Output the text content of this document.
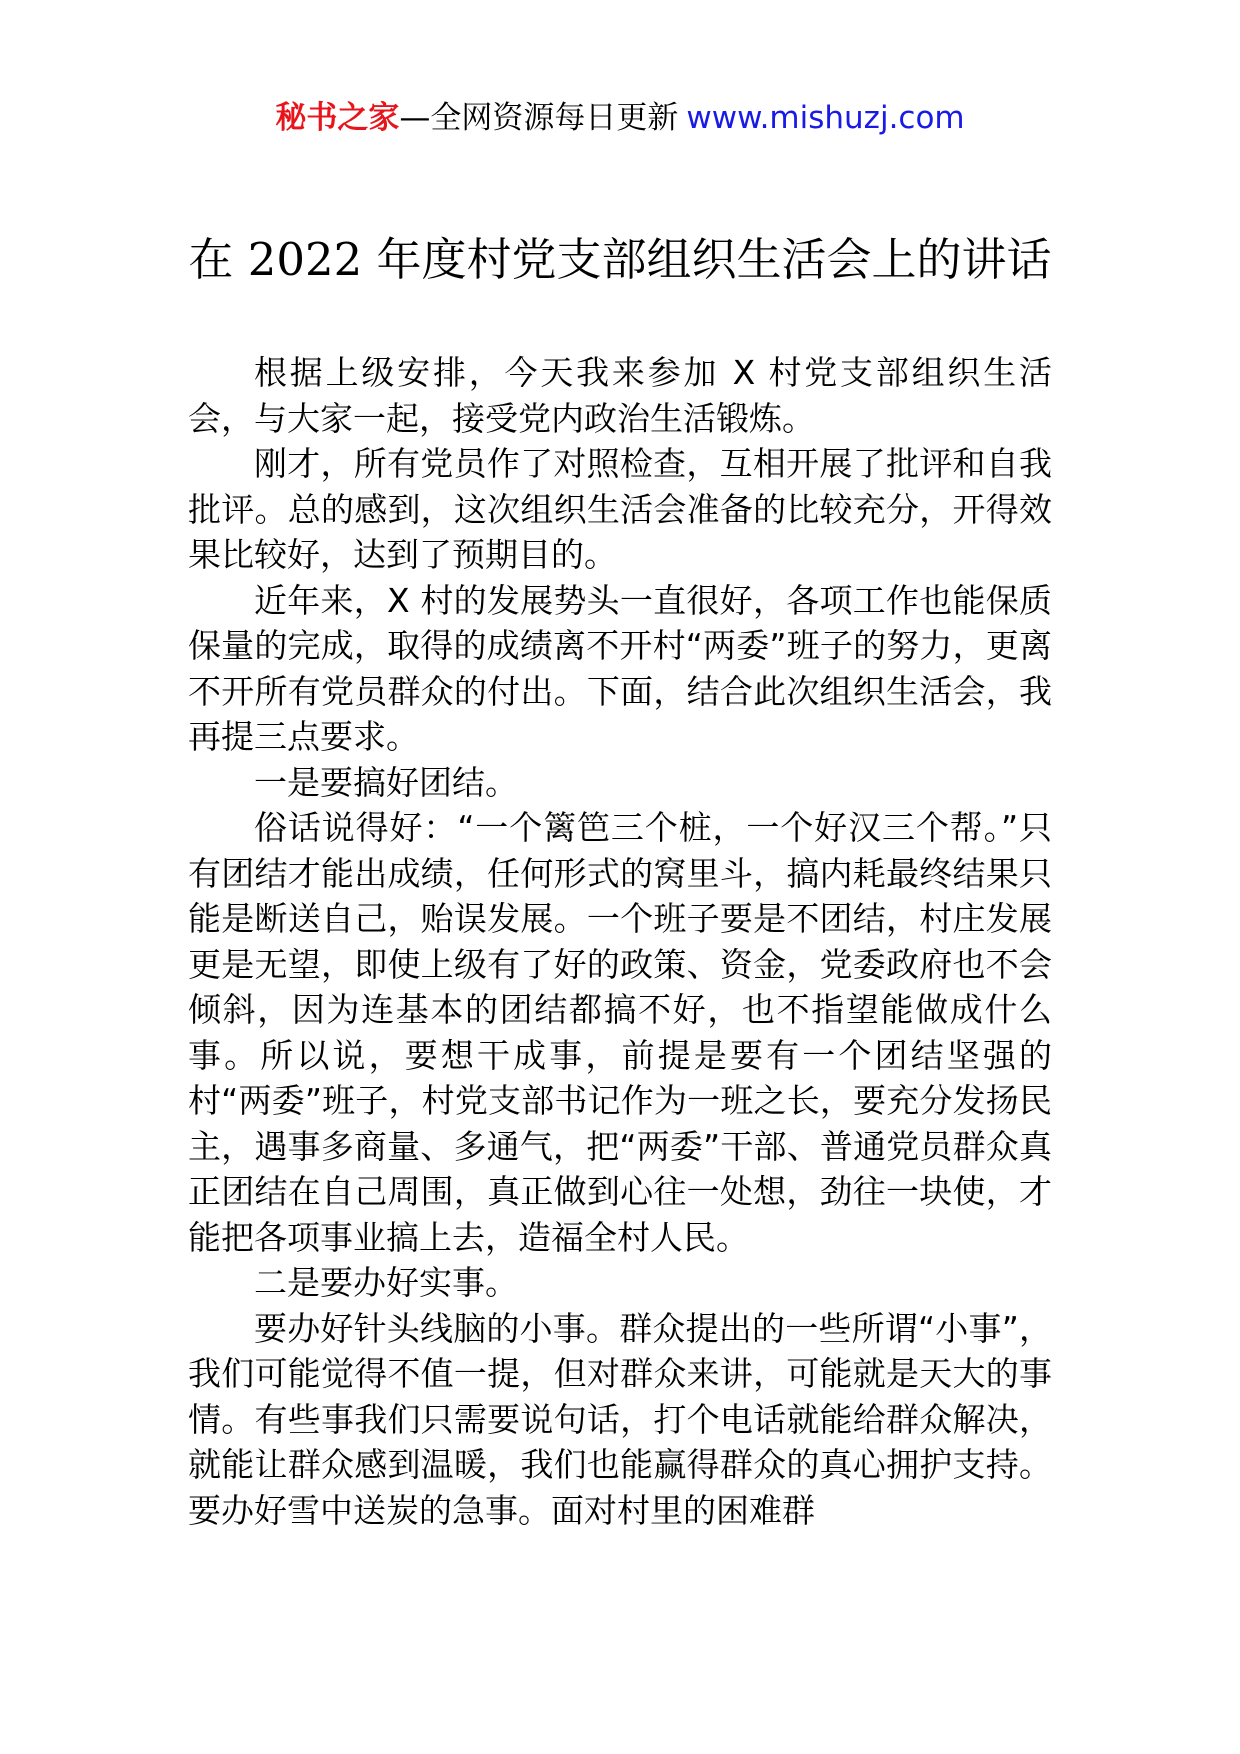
秘书之家—全网资源每日更新 www.mishuzj.com
在 2022 年度村党支部组织生活会上的讲话

根据上级安排，今天我来参加 X 村党支部组织生活会，与大家一起，接受党内政治生活锻炼。

刚才，所有党员作了对照检查，互相开展了批评和自我批评。总的感到，这次组织生活会准备的比较充分，开得效果比较好，达到了预期目的。

近年来，X 村的发展势头一直很好，各项工作也能保质保量的完成，取得的成绩离不开村“两委”班子的努力，更离不开所有党员群众的付出。下面，结合此次组织生活会，我再提三点要求。

一是要搞好团结。

俗话说得好：“一个篱笆三个桩，一个好汉三个帮。”只有团结才能出成绩，任何形式的窝里斗，搞内耗最终结果只能是断送自己，贻误发展。一个班子要是不团结，村庄发展更是无望，即使上级有了好的政策、资金，党委政府也不会倾斜，因为连基本的团结都搞不好，也不指望能做成什么事。所以说，要想干成事，前提是要有一个团结坚强的村“两委”班子，村党支部书记作为一班之长，要充分发扬民主，遇事多商量、多通气，把“两委”干部、普通党员群众真正团结在自己周围，真正做到心往一处想，劲往一块使，才能把各项事业搞上去，造福全村人民。

二是要办好实事。

要办好针头线脑的小事。群众提出的一些所谓“小事”，我们可能觉得不值一提，但对群众来讲，可能就是天大的事情。有些事我们只需要说句话，打个电话就能给群众解决，就能让群众感到温暖，我们也能赢得群众的真心拥护支持。要办好雪中送炭的急事。面对村里的困难群
